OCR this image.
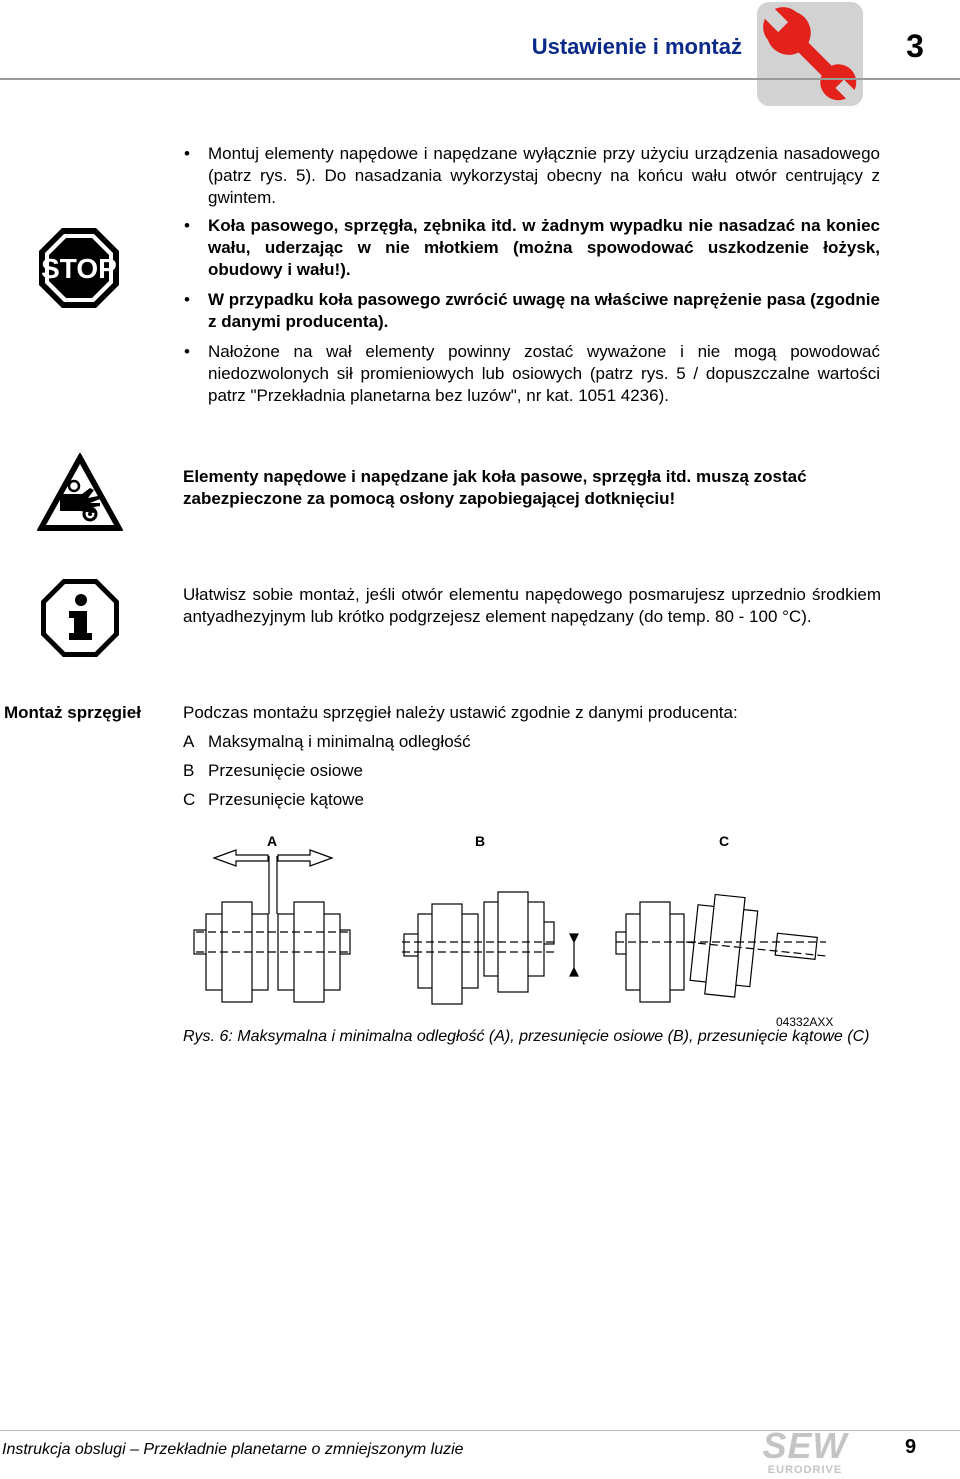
Ustawienie i montaż	3
STOP
• Montuj elementy napędowe i napędzane wyłącznie przy użyciu urządzenia nasadowego (patrz rys. 5). Do nasadzania wykorzystaj obecny na końcu wału otwór centrujący z gwintem.
• Koła pasowego, sprzęgła, zębnika itd. w żadnym wypadku nie nasadzać na koniec wału, uderzając w nie młotkiem (można spowodować uszkodzenie łożysk, obudowy i wału!).
• W przypadku koła pasowego zwrócić uwagę na właściwe naprężenie pasa (zgodnie z danymi producenta).
• Nałożone na wał elementy powinny zostać wyważone i nie mogą powodować niedozwolonych sił promieniowych lub osiowych (patrz rys. 5 / dopuszczalne wartości patrz "Przekładnia planetarna bez luzów", nr kat. 1051 4236).
Elementy napędowe i napędzane jak koła pasowe, sprzęgła itd. muszą zostać zabezpieczone za pomocą osłony zapobiegającej dotknięciu!
Ułatwisz sobie montaż, jeśli otwór elementu napędowego posmarujesz uprzednio środkiem antyadhezyjnym lub krótko podgrzejesz element napędzany (do temp. 80 - 100 °C).
Montaż sprzęgieł Podczas montażu sprzęgieł należy ustawić zgodnie z danymi producenta:
A Maksymalną i minimalną odległość
B Przesunięcie osiowe
C Przesunięcie kątowe
A	B	C
04332AXX
Rys. 6: Maksymalna i minimalna odległość (A), przesunięcie osiowe (B), przesunięcie kątowe (C)
Instrukcja obslugi – Przekładnie planetarne o zmniejszonym luzie	SEW
EURODRIVE
9
